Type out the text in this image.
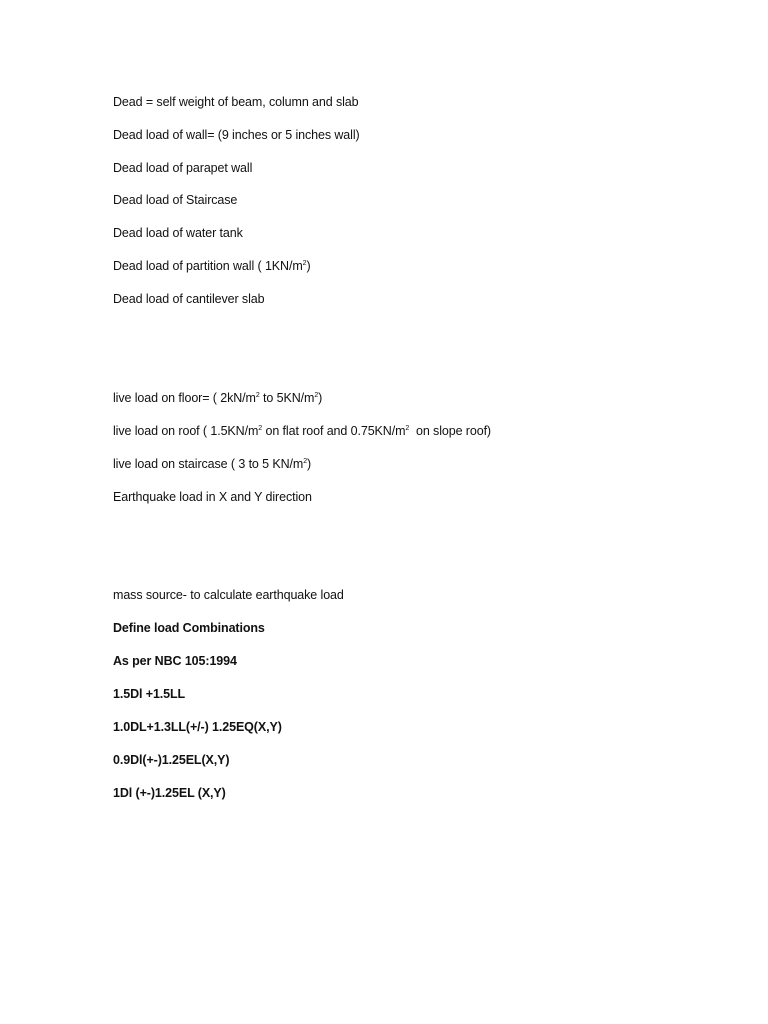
Dead = self weight of beam, column and slab
Dead load of wall= (9 inches or 5 inches wall)
Dead load of parapet wall
Dead load of Staircase
Dead load of water tank
Dead load of partition wall ( $1KN/m^2$)
Dead load of cantilever slab
live load on floor= ( $2kN/m^2$ to $5KN/m^2$)
live load on roof ( $1.5KN/m^2$ on flat roof and $0.75KN/m^2$  on slope roof)
live load on staircase ( 3 to 5 $KN/m^2$)
Earthquake load in X and Y direction
mass source- to calculate earthquake load
Define load Combinations
As per NBC 105:1994
1.5Dl +1.5LL
1.0DL+1.3LL(+/-) 1.25EQ(X,Y)
0.9Dl(+-)1.25EL(X,Y)
1Dl (+-)1.25EL (X,Y)
